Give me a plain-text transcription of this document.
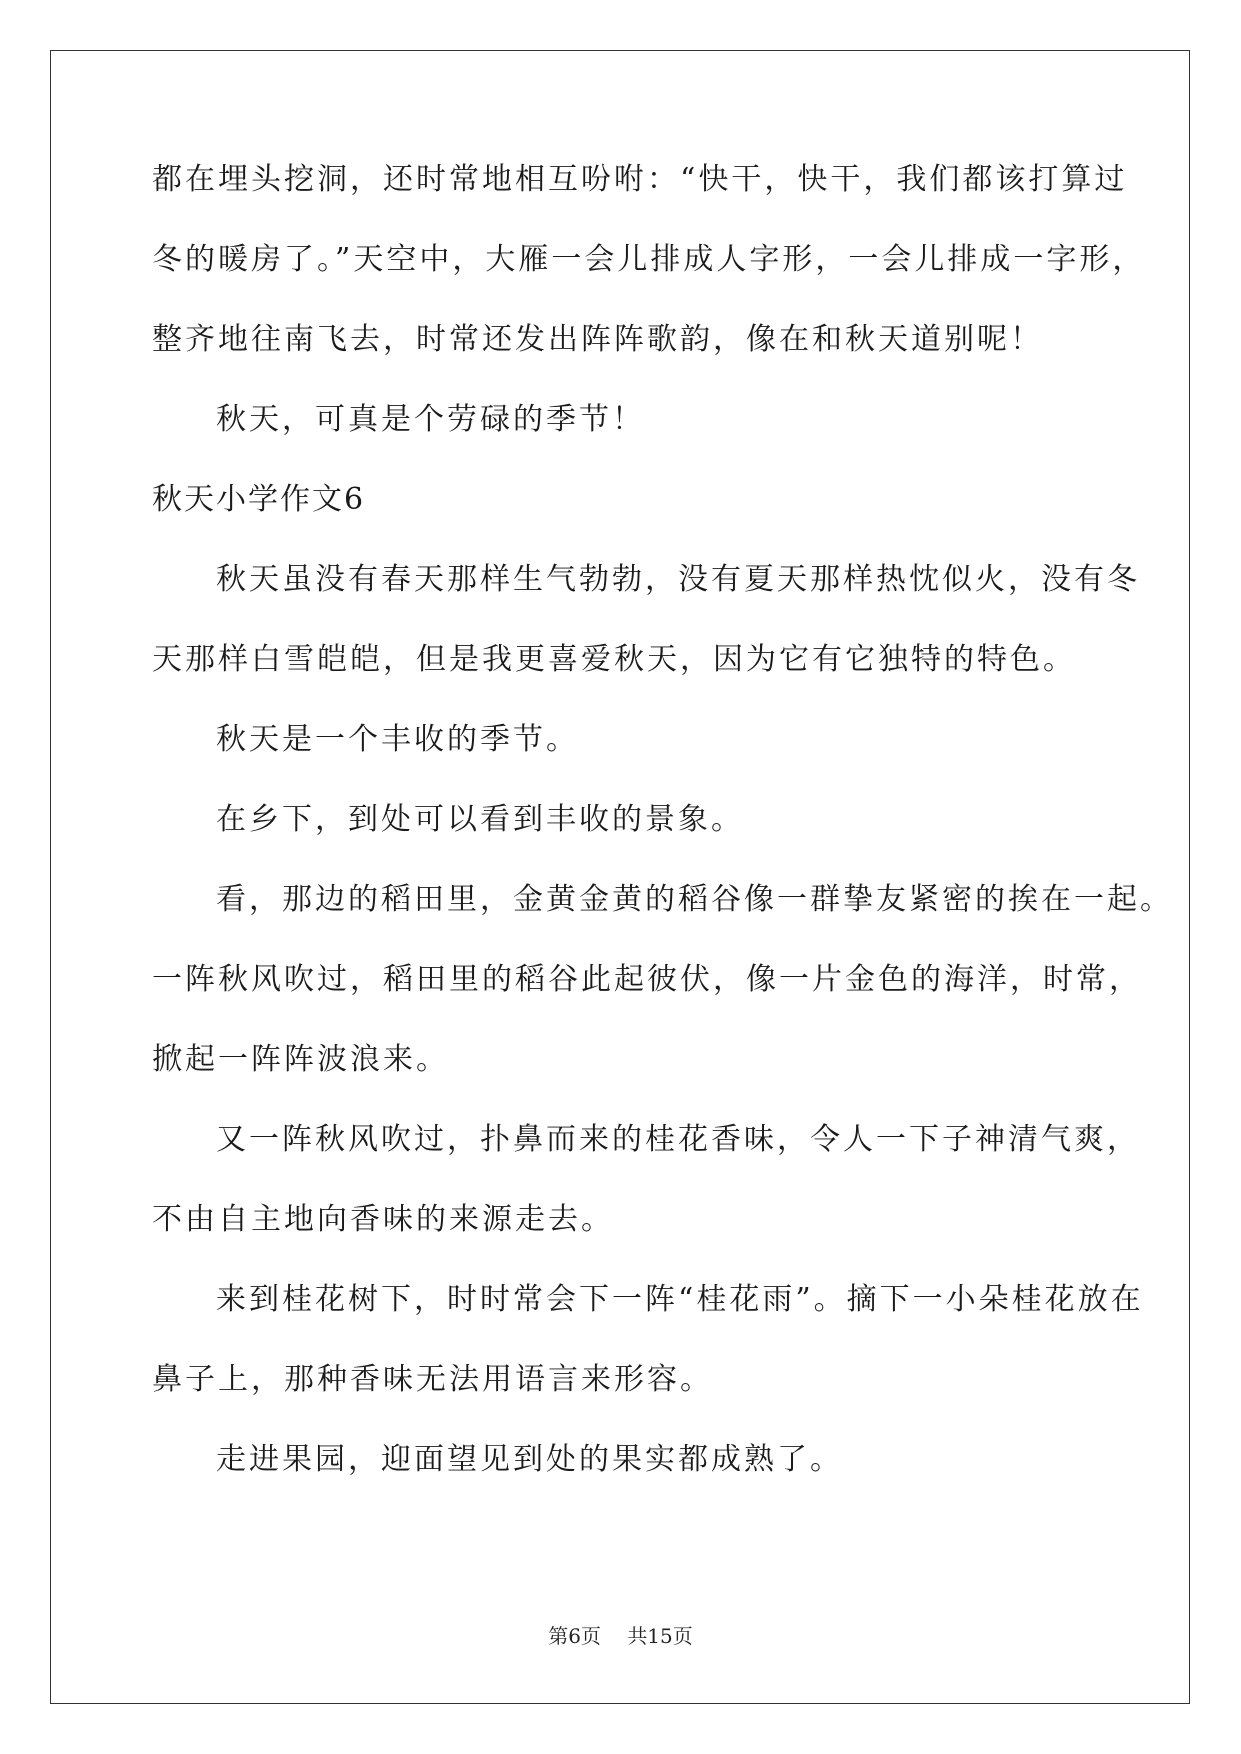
都在埋头挖洞，还时常地相互吩咐：“快干，快干，我们都该打算过
冬的暖房了。”天空中，大雁一会儿排成人字形，一会儿排成一字形，
整齐地往南飞去，时常还发出阵阵歌韵，像在和秋天道别呢！
秋天，可真是个劳碌的季节！
秋天小学作文6
秋天虽没有春天那样生气勃勃，没有夏天那样热忱似火，没有冬
天那样白雪皑皑，但是我更喜爱秋天，因为它有它独特的特色。
秋天是一个丰收的季节。
在乡下，到处可以看到丰收的景象。
看，那边的稻田里，金黄金黄的稻谷像一群挚友紧密的挨在一起。
一阵秋风吹过，稻田里的稻谷此起彼伏，像一片金色的海洋，时常，
掀起一阵阵波浪来。
又一阵秋风吹过，扑鼻而来的桂花香味，令人一下子神清气爽，
不由自主地向香味的来源走去。
来到桂花树下，时时常会下一阵“桂花雨”。摘下一小朵桂花放在
鼻子上，那种香味无法用语言来形容。
走进果园，迎面望见到处的果实都成熟了。
第6页 共15页
